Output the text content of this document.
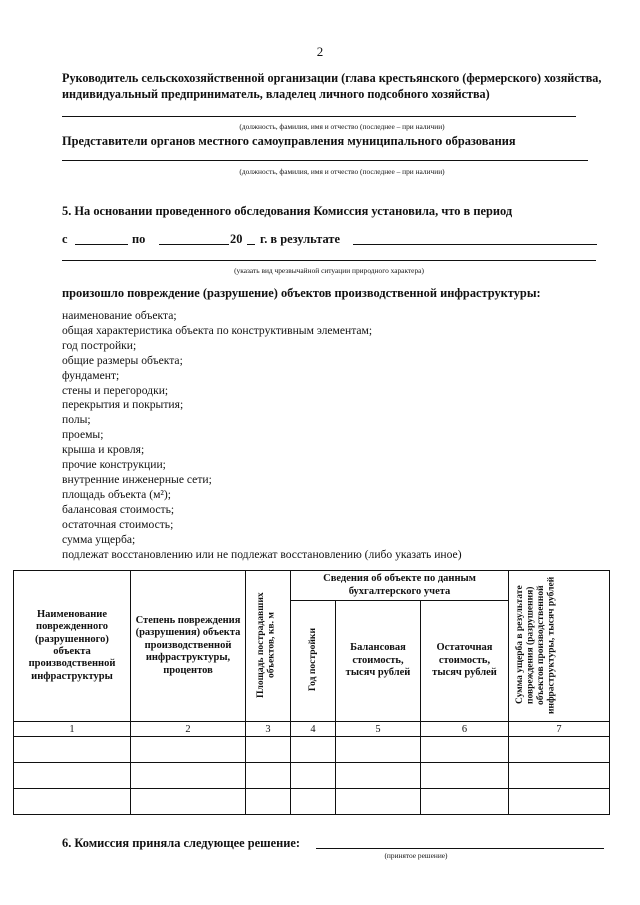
2
Руководитель сельскохозяйственной организации (глава крестьянского (фермерского) хозяйства, индивидуальный предприниматель, владелец личного подсобного хозяйства)
(должность, фамилия, имя и отчество (последнее – при наличии)
Представители органов местного самоуправления муниципального образования
(должность, фамилия, имя и отчество (последнее – при наличии)
5. На основании проведенного обследования Комиссия установила, что в период
с	по	20 г. в результате
(указать вид чрезвычайной ситуации природного характера)
произошло повреждение (разрушение) объектов производственной инфраструктуры:
наименование объекта;
общая характеристика объекта по конструктивным элементам;
год постройки;
общие размеры объекта;
фундамент;
стены и перегородки;
перекрытия и покрытия;
полы;
проемы;
крыша и кровля;
прочие конструкции;
внутренние инженерные сети;
площадь объекта (м²);
балансовая стоимость;
остаточная стоимость;
сумма ущерба;
подлежат восстановлению или не подлежат восстановлению (либо указать иное)
Наименование поврежденного (разрушенного) объекта производственной инфраструктуры	Степень повреждения (разрушения) объекта производственной инфраструктуры, процентов	Площадь пострадавших объектов, кв. м	Сведения об объекте по данным бухгалтерского учета			Сумма ущерба в результате повреждения (разрушения) объектов производственной инфраструктуры, тысяч рублей
			Год постройки	Балансовая стоимость, тысяч рублей	Остаточная стоимость, тысяч рублей	

1	2	3	4	5	6	7

6. Комиссия приняла следующее решение:
(принятое решение)
